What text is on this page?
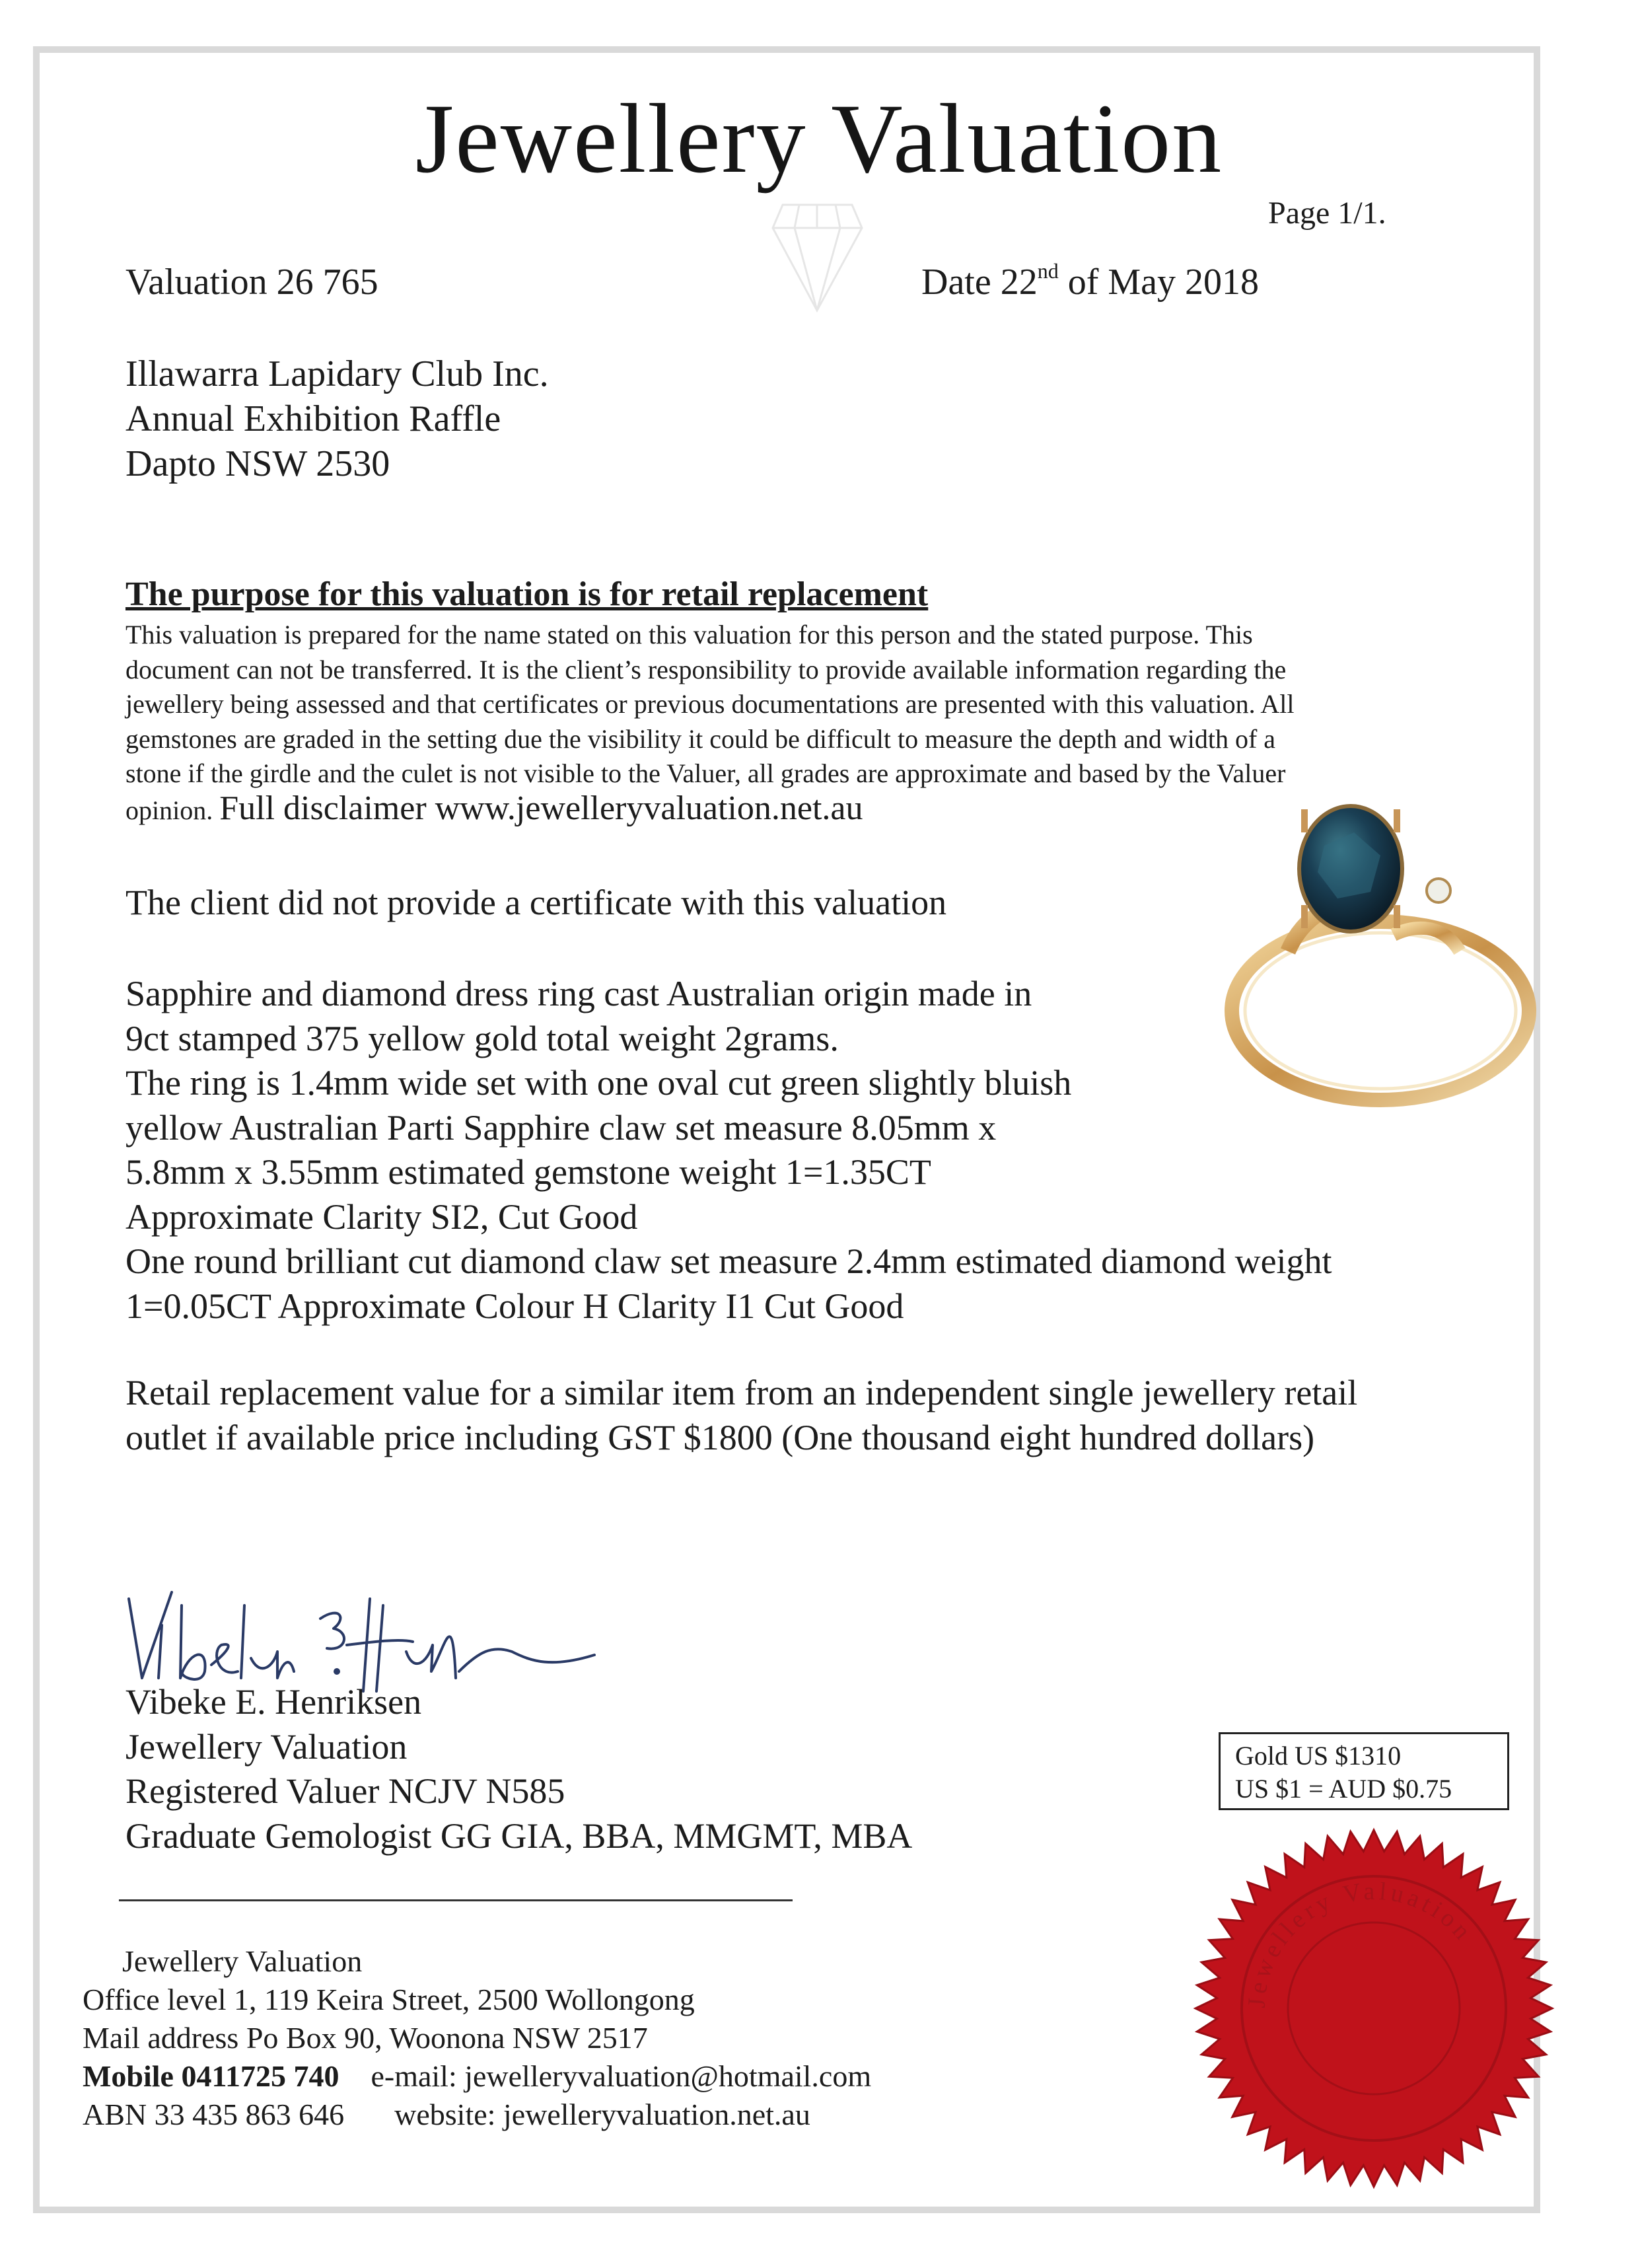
Jewellery Valuation
Page 1/1.
Valuation 26 765	Date 22nd of May 2018
Illawarra Lapidary Club Inc.
Annual Exhibition Raffle
Dapto NSW 2530
The purpose for this valuation is for retail replacement
This valuation is prepared for the name stated on this valuation for this person and the stated purpose. This
document can not be transferred. It is the client’s responsibility to provide available information regarding the
jewellery being assessed and that certificates or previous documentations are presented with this valuation. All
gemstones are graded in the setting due the visibility it could be difficult to measure the depth and width of a
stone if the girdle and the culet is not visible to the Valuer, all grades are approximate and based by the Valuer
opinion. Full disclaimer www.jewelleryvaluation.net.au
The client did not provide a certificate with this valuation
Sapphire and diamond dress ring cast Australian origin made in
9ct stamped 375 yellow gold total weight 2grams.
The ring is 1.4mm wide set with one oval cut green slightly bluish
yellow Australian Parti Sapphire claw set measure 8.05mm x
5.8mm x 3.55mm estimated gemstone weight 1=1.35CT
Approximate Clarity SI2, Cut Good
One round brilliant cut diamond claw set measure 2.4mm estimated diamond weight
1=0.05CT Approximate Colour H Clarity I1 Cut Good
Retail replacement value for a similar item from an independent single jewellery retail
outlet if available price including GST $1800 (One thousand eight hundred dollars)
Vibeke E. Henriksen
Jewellery Valuation
Registered Valuer NCJV N585
Graduate Gemologist GG GIA, BBA, MMGMT, MBA
Gold US $1310
US $1 = AUD $0.75
Jewellery Valuation
Office level 1, 119 Keira Street, 2500 Wollongong
Mail address Po Box 90, Woonona NSW 2517
Mobile 0411725 740 e-mail: jewelleryvaluation@hotmail.com
ABN 33 435 863 646 website: jewelleryvaluation.net.au
Jewellery Valuation
